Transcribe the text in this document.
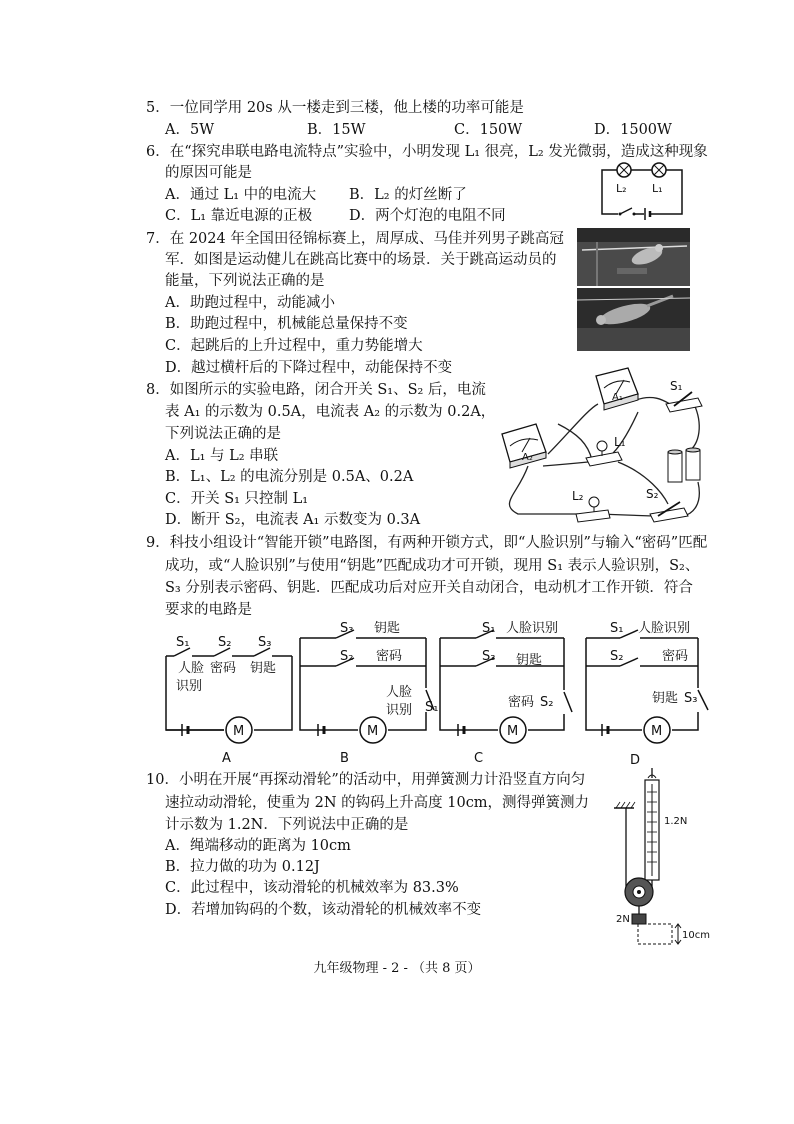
5．一位同学用 20s 从一楼走到三楼，他上楼的功率可能是
A．5W	B．15W	C．150W	D．1500W
6．在“探究串联电路电流特点”实验中，小明发现 L₁ 很亮，L₂ 发光微弱，造成这种现象
的原因可能是
A．通过 L₁ 中的电流大 B．L₂ 的灯丝断了
C．L₁ 靠近电源的正极	D．两个灯泡的电阻不同
L₂ L₁
7．在 2024 年全国田径锦标赛上，周厚成、马佳并列男子跳高冠
军．如图是运动健儿在跳高比赛中的场景．关于跳高运动员的
能量，下列说法正确的是
A．助跑过程中，动能减小
B．助跑过程中，机械能总量保持不变
C．起跳后的上升过程中，重力势能增大
D．越过横杆后的下降过程中，动能保持不变
8．如图所示的实验电路，闭合开关 S₁、S₂ 后，电流
表 A₁ 的示数为 0.5A，电流表 A₂ 的示数为 0.2A，
下列说法正确的是
A．L₁ 与 L₂ 串联
B．L₁、L₂ 的电流分别是 0.5A、0.2A
C．开关 S₁ 只控制 L₁
D．断开 S₂，电流表 A₁ 示数变为 0.3A
A₁
A₂
S₁
L₁
L₂	S₂
9．科技小组设计“智能开锁”电路图，有两种开锁方式，即“人脸识别”与输入“密码”匹配
成功，或“人脸识别”与使用“钥匙”匹配成功才可开锁，现用 S₁ 表示人验识别，S₂、
S₃ 分别表示密码、钥匙．匹配成功后对应开关自动闭合，电动机才工作开锁．符合
要求的电路是
S₁ S₂ S₃
人脸
识别
密码 钥匙
M
A
S₃ 钥匙
S₂ 密码
人脸
识别
M
B
S₁
S₁ 人脸识别
S₃ 钥匙
密码 S₂
M
C
S₁ 人脸识别
S₂	密码
钥匙 S₃
M
D
10．小明在开展“再探动滑轮”的活动中，用弹簧测力计沿竖直方向匀
速拉动动滑轮，使重为 2N 的钩码上升高度 10cm，测得弹簧测力
计示数为 1.2N．下列说法中正确的是
A．绳端移动的距离为 10cm
B．拉力做的功为 0.12J
C．此过程中，该动滑轮的机械效率为 83.3%
D．若增加钩码的个数，该动滑轮的机械效率不变
1.2N
2N
10cm
九年级物理 - 2 - （共 8 页）
